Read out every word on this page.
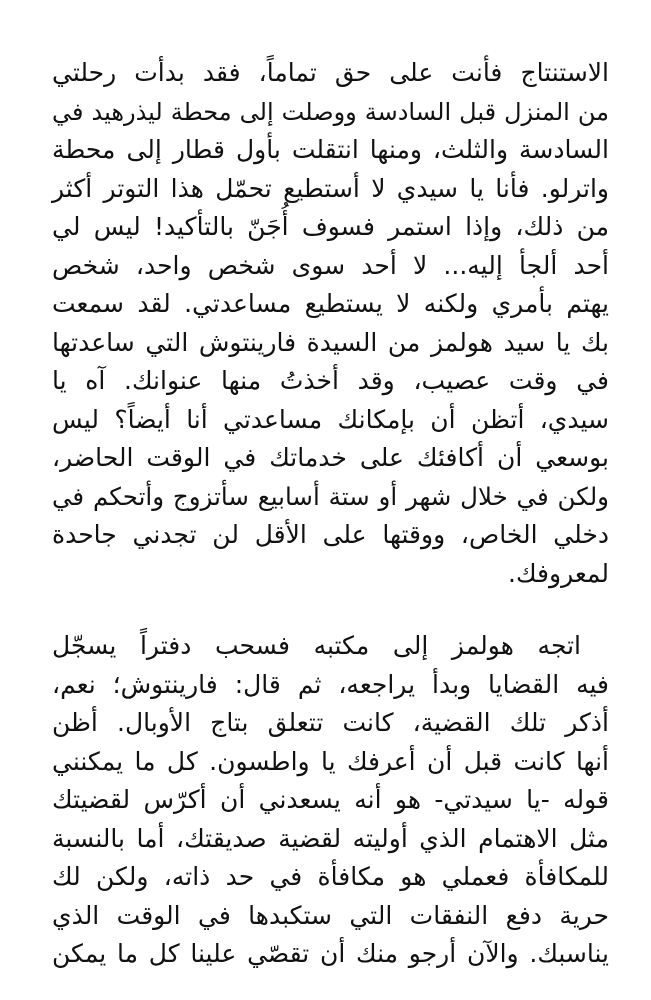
الاستنتاج فأنت على حق تماماً، فقد بدأت رحلتي
من المنزل قبل السادسة ووصلت إلى محطة ليذرهيد في
السادسة والثلث، ومنها انتقلت بأول قطار إلى محطة
واترلو. فأنا يا سيدي لا أستطيع تحمّل هذا التوتر أكثر
من ذلك، وإذا استمر فسوف أُجَنّ بالتأكيد! ليس لي
أحد ألجأ إليه... لا أحد سوى شخص واحد، شخص
يهتم بأمري ولكنه لا يستطيع مساعدتي. لقد سمعت
بك يا سيد هولمز من السيدة فارينتوش التي ساعدتها
في وقت عصيب، وقد أخذتُ منها عنوانك. آه يا
سيدي، أتظن أن بإمكانك مساعدتي أنا أيضاً؟ ليس
بوسعي أن أكافئك على خدماتك في الوقت الحاضر،
ولكن في خلال شهر أو ستة أسابيع سأتزوج وأتحكم في
دخلي الخاص، ووقتها على الأقل لن تجدني جاحدة
لمعروفك.
اتجه هولمز إلى مكتبه فسحب دفتراً يسجّل
فيه القضايا وبدأ يراجعه، ثم قال: فارينتوش؛ نعم،
أذكر تلك القضية، كانت تتعلق بتاج الأوبال. أظن
أنها كانت قبل أن أعرفك يا واطسون. كل ما يمكنني
قوله -يا سيدتي- هو أنه يسعدني أن أكرّس لقضيتك
مثل الاهتمام الذي أوليته لقضية صديقتك، أما بالنسبة
للمكافأة فعملي هو مكافأة في حد ذاته، ولكن لك
حرية دفع النفقات التي ستكبدها في الوقت الذي
يناسبك. والآن أرجو منك أن تقصّي علينا كل ما يمكن
